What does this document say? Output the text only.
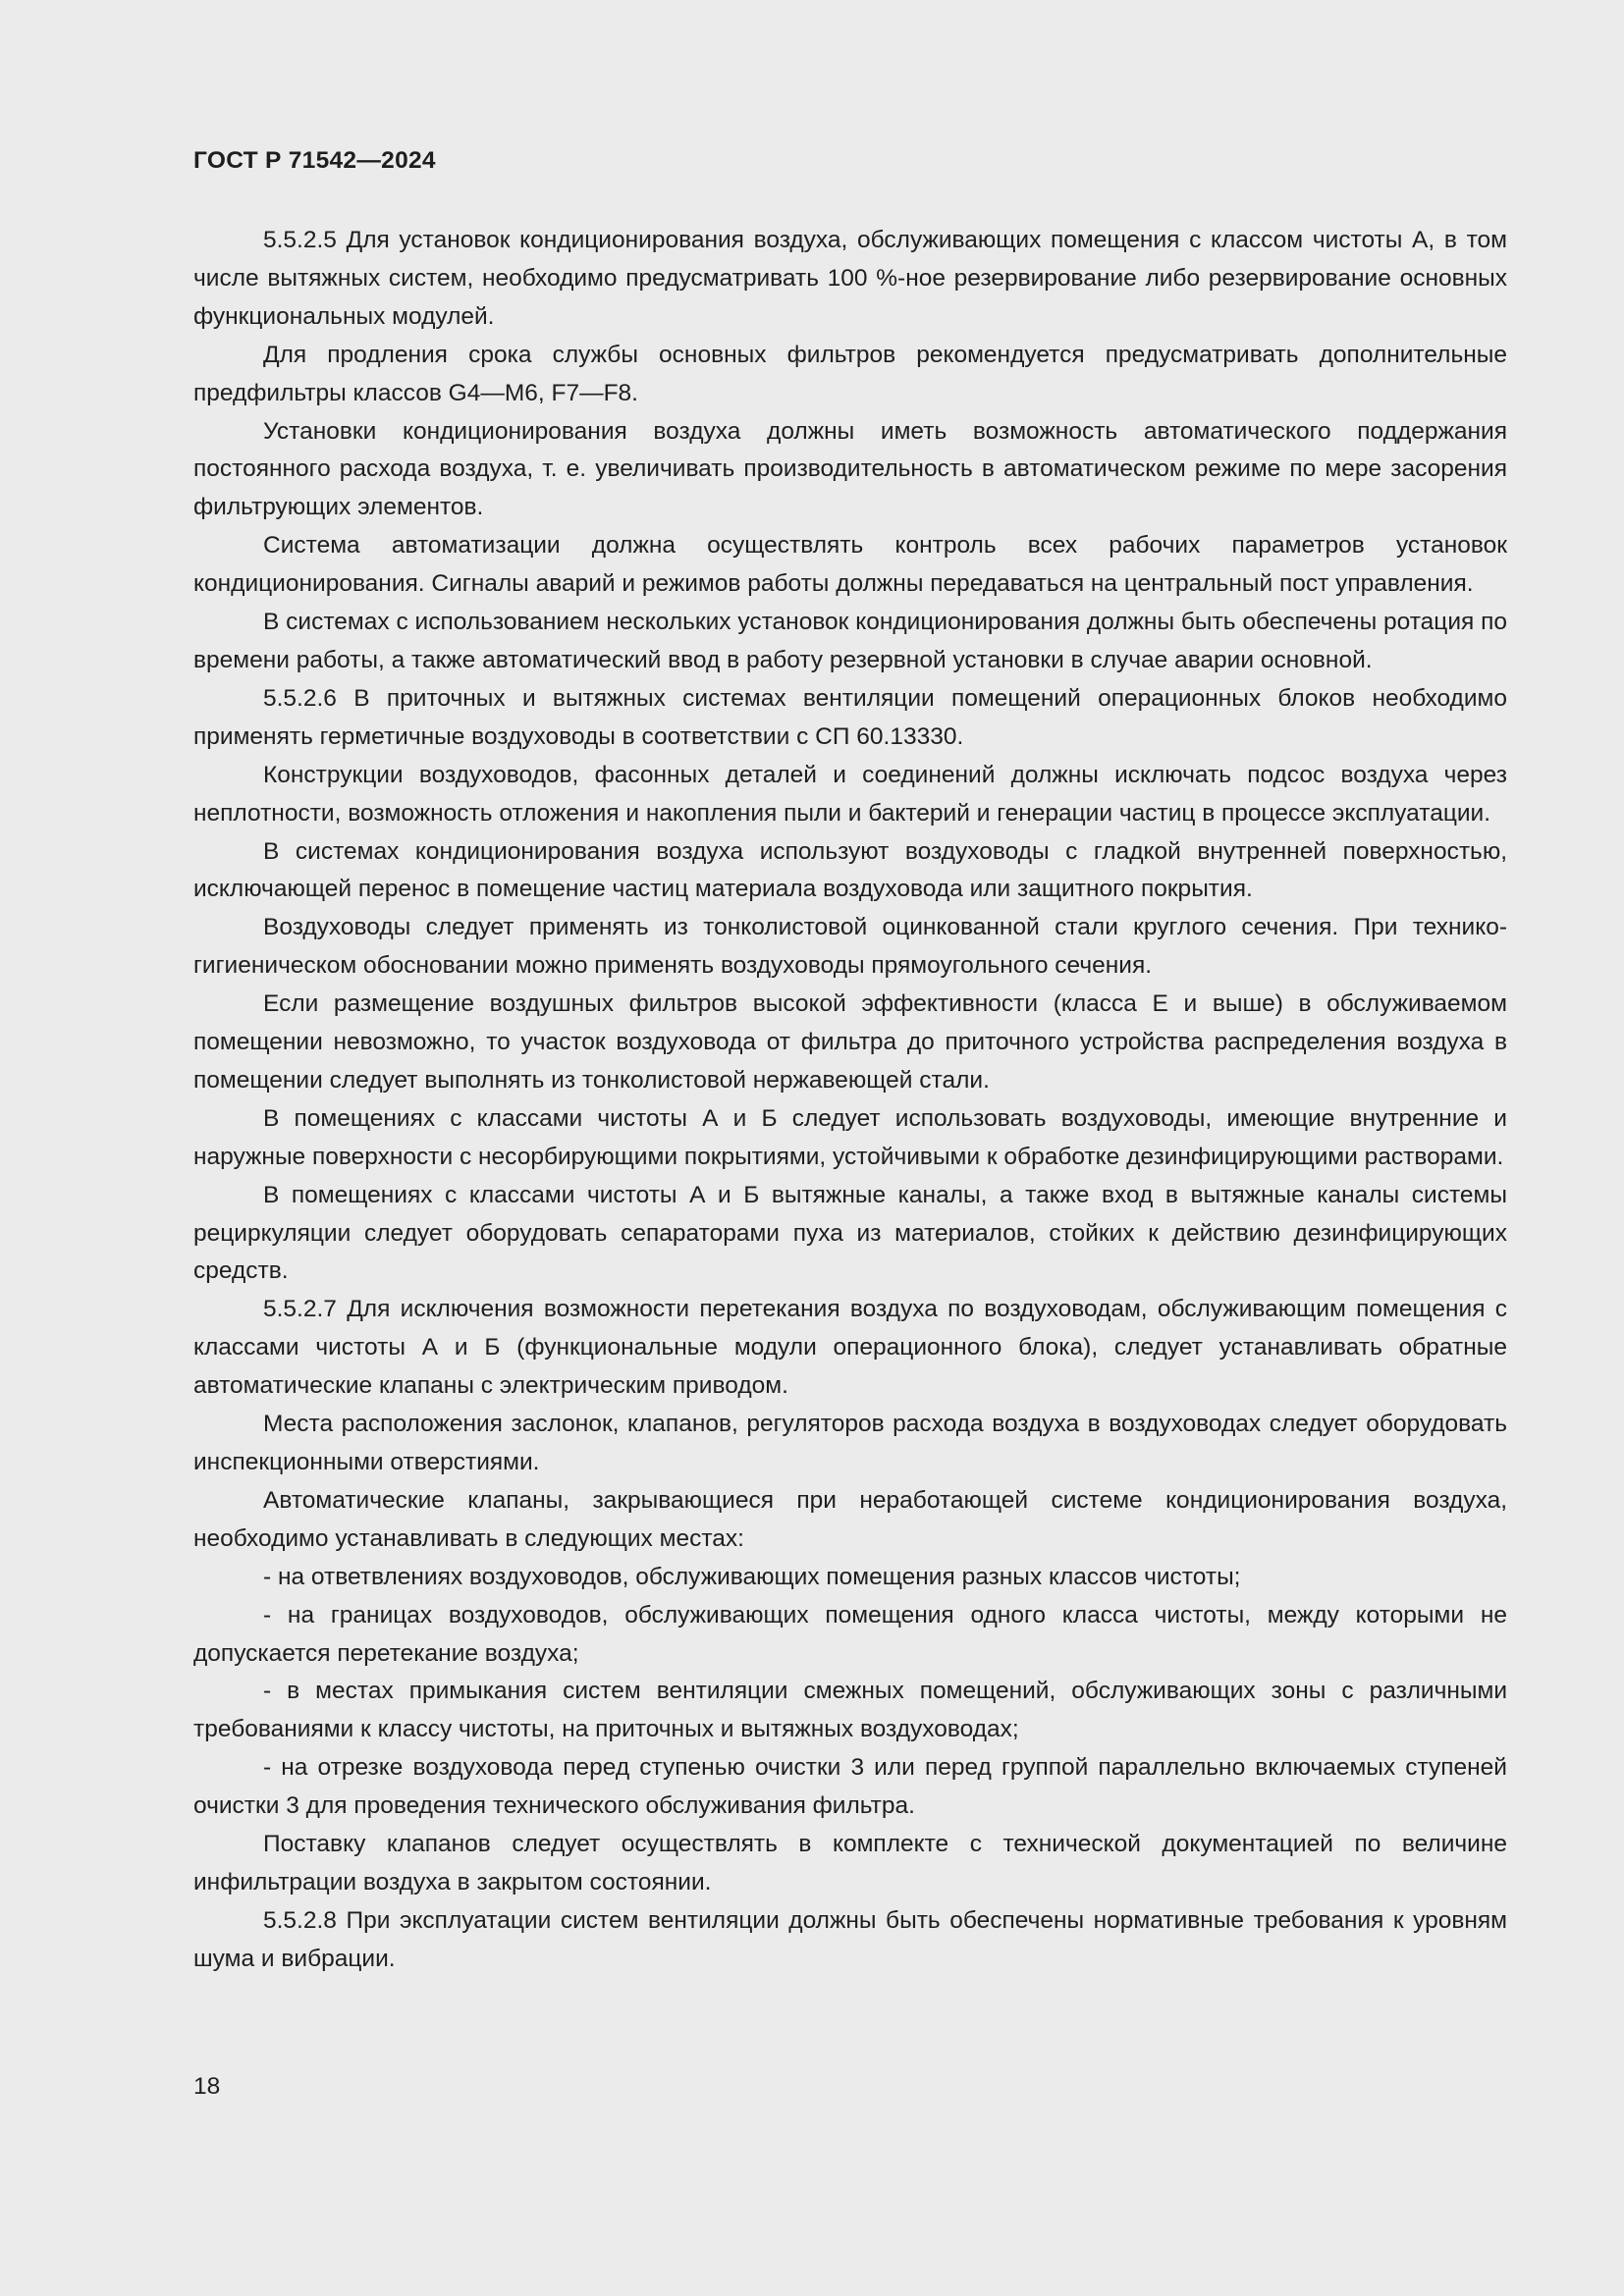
ГОСТ Р 71542—2024

5.5.2.5 Для установок кондиционирования воздуха, обслуживающих помещения с классом чистоты А, в том числе вытяжных систем, необходимо предусматривать 100 %-ное резервирование либо резервирование основных функциональных модулей.

Для продления срока службы основных фильтров рекомендуется предусматривать дополнительные предфильтры классов G4—M6, F7—F8.

Установки кондиционирования воздуха должны иметь возможность автоматического поддержания постоянного расхода воздуха, т. е. увеличивать производительность в автоматическом режиме по мере засорения фильтрующих элементов.

Система автоматизации должна осуществлять контроль всех рабочих параметров установок кондиционирования. Сигналы аварий и режимов работы должны передаваться на центральный пост управления.

В системах с использованием нескольких установок кондиционирования должны быть обеспечены ротация по времени работы, а также автоматический ввод в работу резервной установки в случае аварии основной.

5.5.2.6 В приточных и вытяжных системах вентиляции помещений операционных блоков необходимо применять герметичные воздуховоды в соответствии с СП 60.13330.

Конструкции воздуховодов, фасонных деталей и соединений должны исключать подсос воздуха через неплотности, возможность отложения и накопления пыли и бактерий и генерации частиц в процессе эксплуатации.

В системах кондиционирования воздуха используют воздуховоды с гладкой внутренней поверхностью, исключающей перенос в помещение частиц материала воздуховода или защитного покрытия.

Воздуховоды следует применять из тонколистовой оцинкованной стали круглого сечения. При технико-гигиеническом обосновании можно применять воздуховоды прямоугольного сечения.

Если размещение воздушных фильтров высокой эффективности (класса Е и выше) в обслуживаемом помещении невозможно, то участок воздуховода от фильтра до приточного устройства распределения воздуха в помещении следует выполнять из тонколистовой нержавеющей стали.

В помещениях с классами чистоты А и Б следует использовать воздуховоды, имеющие внутренние и наружные поверхности с несорбирующими покрытиями, устойчивыми к обработке дезинфицирующими растворами.

В помещениях с классами чистоты А и Б вытяжные каналы, а также вход в вытяжные каналы системы рециркуляции следует оборудовать сепараторами пуха из материалов, стойких к действию дезинфицирующих средств.

5.5.2.7 Для исключения возможности перетекания воздуха по воздуховодам, обслуживающим помещения с классами чистоты А и Б (функциональные модули операционного блока), следует устанавливать обратные автоматические клапаны с электрическим приводом.

Места расположения заслонок, клапанов, регуляторов расхода воздуха в воздуховодах следует оборудовать инспекционными отверстиями.

Автоматические клапаны, закрывающиеся при неработающей системе кондиционирования воздуха, необходимо устанавливать в следующих местах:

- на ответвлениях воздуховодов, обслуживающих помещения разных классов чистоты;

- на границах воздуховодов, обслуживающих помещения одного класса чистоты, между которыми не допускается перетекание воздуха;

- в местах примыкания систем вентиляции смежных помещений, обслуживающих зоны с различными требованиями к классу чистоты, на приточных и вытяжных воздуховодах;

- на отрезке воздуховода перед ступенью очистки 3 или перед группой параллельно включаемых ступеней очистки 3 для проведения технического обслуживания фильтра.

Поставку клапанов следует осуществлять в комплекте с технической документацией по величине инфильтрации воздуха в закрытом состоянии.

5.5.2.8 При эксплуатации систем вентиляции должны быть обеспечены нормативные требования к уровням шума и вибрации.

18
